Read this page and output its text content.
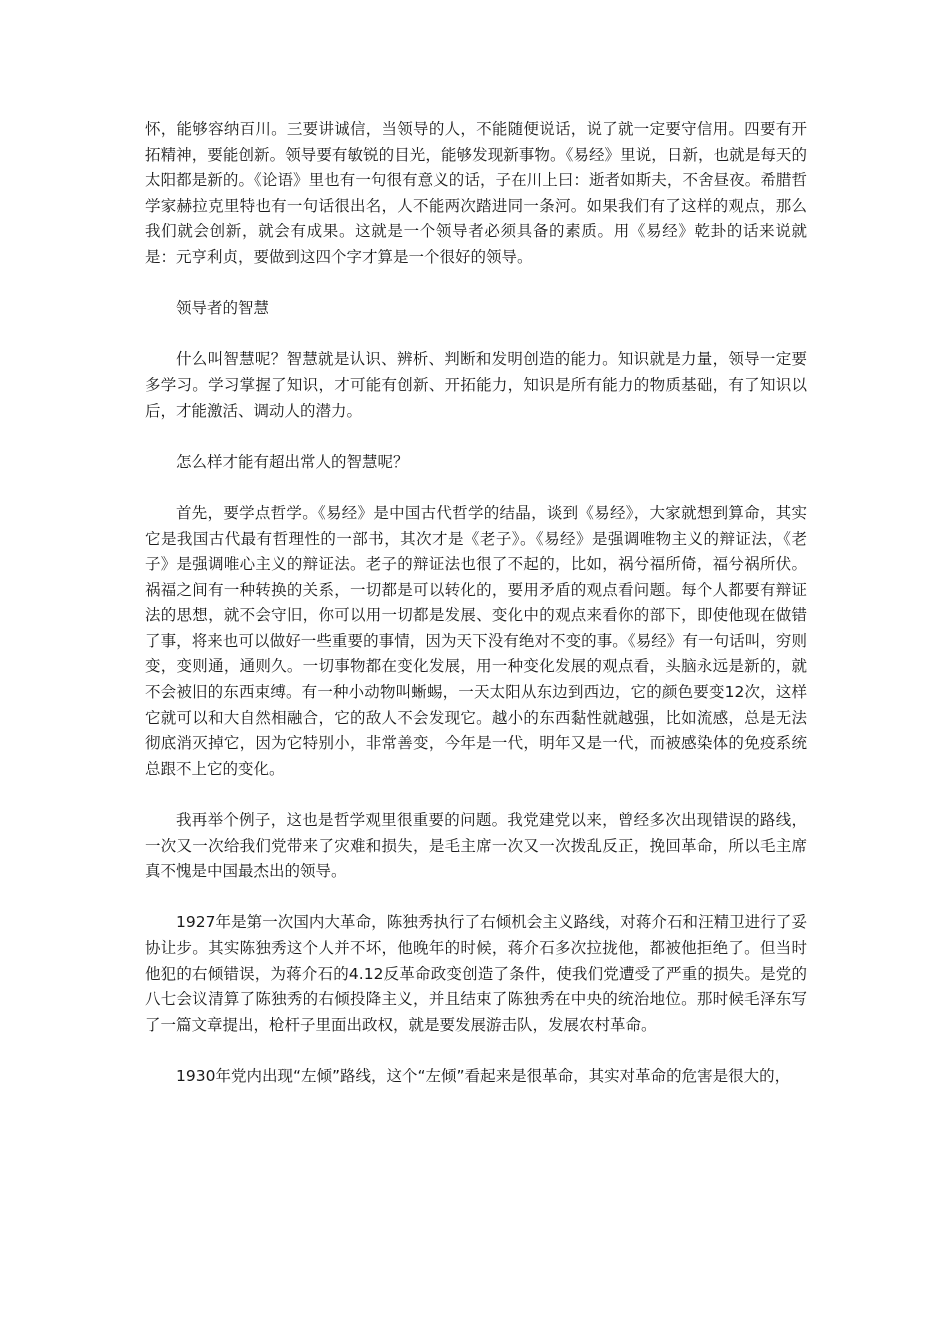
怀，能够容纳百川。三要讲诚信，当领导的人，不能随便说话，说了就一定要守信用。四要有开拓精神，要能创新。领导要有敏锐的目光，能够发现新事物。《易经》里说，日新，也就是每天的太阳都是新的。《论语》里也有一句很有意义的话，子在川上曰：逝者如斯夫，不舍昼夜。希腊哲学家赫拉克里特也有一句话很出名，人不能两次踏进同一条河。如果我们有了这样的观点，那么我们就会创新，就会有成果。这就是一个领导者必须具备的素质。用《易经》乾卦的话来说就是：元亨利贞，要做到这四个字才算是一个很好的领导。

领导者的智慧

什么叫智慧呢？智慧就是认识、辨析、判断和发明创造的能力。知识就是力量，领导一定要多学习。学习掌握了知识，才可能有创新、开拓能力，知识是所有能力的物质基础，有了知识以后，才能激活、调动人的潜力。

怎么样才能有超出常人的智慧呢？

首先，要学点哲学。《易经》是中国古代哲学的结晶，谈到《易经》，大家就想到算命，其实它是我国古代最有哲理性的一部书，其次才是《老子》。《易经》是强调唯物主义的辩证法，《老子》是强调唯心主义的辩证法。老子的辩证法也很了不起的，比如，祸兮福所倚，福兮祸所伏。祸福之间有一种转换的关系，一切都是可以转化的，要用矛盾的观点看问题。每个人都要有辩证法的思想，就不会守旧，你可以用一切都是发展、变化中的观点来看你的部下，即使他现在做错了事，将来也可以做好一些重要的事情，因为天下没有绝对不变的事。《易经》有一句话叫，穷则变，变则通，通则久。一切事物都在变化发展，用一种变化发展的观点看，头脑永远是新的，就不会被旧的东西束缚。有一种小动物叫蜥蜴，一天太阳从东边到西边，它的颜色要变12次，这样它就可以和大自然相融合，它的敌人不会发现它。越小的东西黏性就越强，比如流感，总是无法彻底消灭掉它，因为它特别小，非常善变，今年是一代，明年又是一代，而被感染体的免疫系统总跟不上它的变化。

我再举个例子，这也是哲学观里很重要的问题。我党建党以来，曾经多次出现错误的路线，一次又一次给我们党带来了灾难和损失，是毛主席一次又一次拨乱反正，挽回革命，所以毛主席真不愧是中国最杰出的领导。

1927年是第一次国内大革命，陈独秀执行了右倾机会主义路线，对蒋介石和汪精卫进行了妥协让步。其实陈独秀这个人并不坏，他晚年的时候，蒋介石多次拉拢他，都被他拒绝了。但当时他犯的右倾错误，为蒋介石的4.12反革命政变创造了条件，使我们党遭受了严重的损失。是党的八七会议清算了陈独秀的右倾投降主义，并且结束了陈独秀在中央的统治地位。那时候毛泽东写了一篇文章提出，枪杆子里面出政权，就是要发展游击队，发展农村革命。

1930年党内出现“左倾”路线，这个“左倾”看起来是很革命，其实对革命的危害是很大的，
